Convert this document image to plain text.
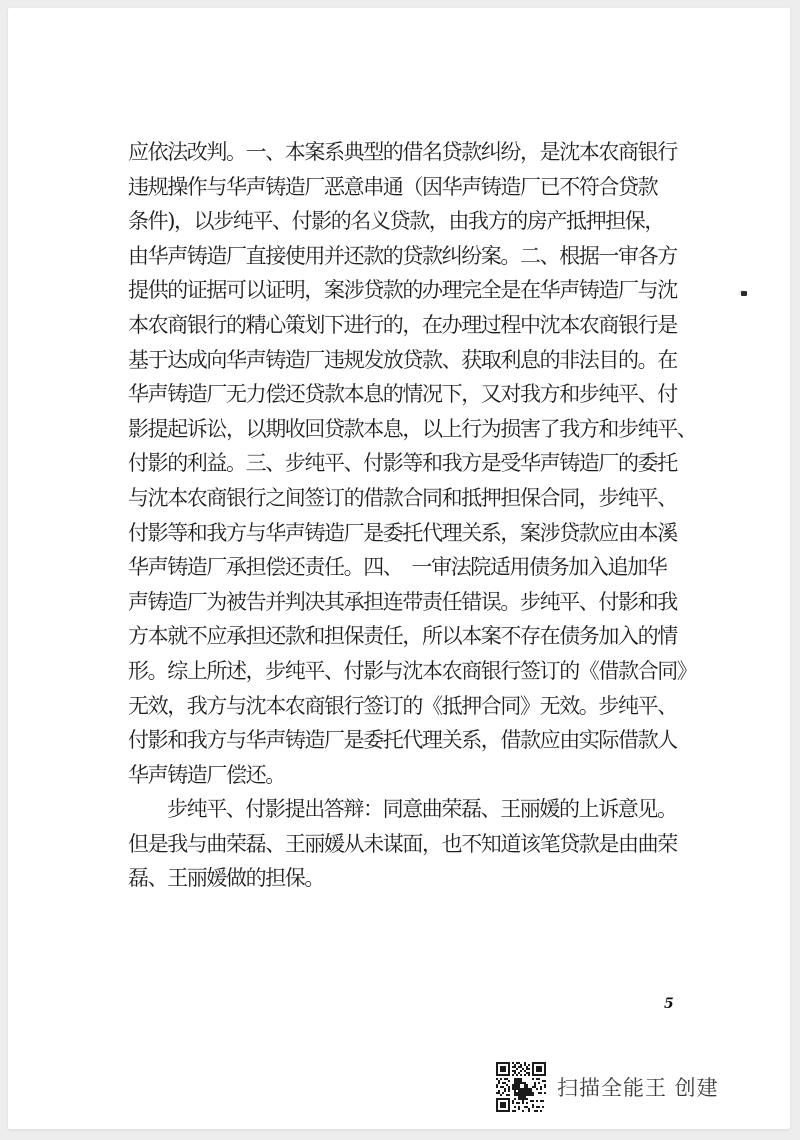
应依法改判。一、本案系典型的借名贷款纠纷，是沈本农商银行
违规操作与华声铸造厂恶意串通（因华声铸造厂已不符合贷款
条件)，以步纯平、付影的名义贷款，由我方的房产抵押担保，
由华声铸造厂直接使用并还款的贷款纠纷案。二、根据一审各方
提供的证据可以证明，案涉贷款的办理完全是在华声铸造厂与沈
本农商银行的精心策划下进行的，在办理过程中沈本农商银行是
基于达成向华声铸造厂违规发放贷款、获取利息的非法目的。在
华声铸造厂无力偿还贷款本息的情况下，又对我方和步纯平、付
影提起诉讼，以期收回贷款本息，以上行为损害了我方和步纯平、
付影的利益。三、步纯平、付影等和我方是受华声铸造厂的委托
与沈本农商银行之间签订的借款合同和抵押担保合同，步纯平、
付影等和我方与华声铸造厂是委托代理关系，案涉贷款应由本溪
华声铸造厂承担偿还责任。四、　一审法院适用债务加入追加华
声铸造厂为被告并判决其承担连带责任错误。步纯平、付影和我
方本就不应承担还款和担保责任，所以本案不存在债务加入的情
形。综上所述，步纯平、付影与沈本农商银行签订的《借款合同》
无效，我方与沈本农商银行签订的《抵押合同》无效。步纯平、
付影和我方与华声铸造厂是委托代理关系，借款应由实际借款人
华声铸造厂偿还。
步纯平、付影提出答辩：同意曲荣磊、王丽媛的上诉意见。
但是我与曲荣磊、王丽媛从未谋面，也不知道该笔贷款是由曲荣
磊、王丽媛做的担保。
5
扫描全能王 创建
